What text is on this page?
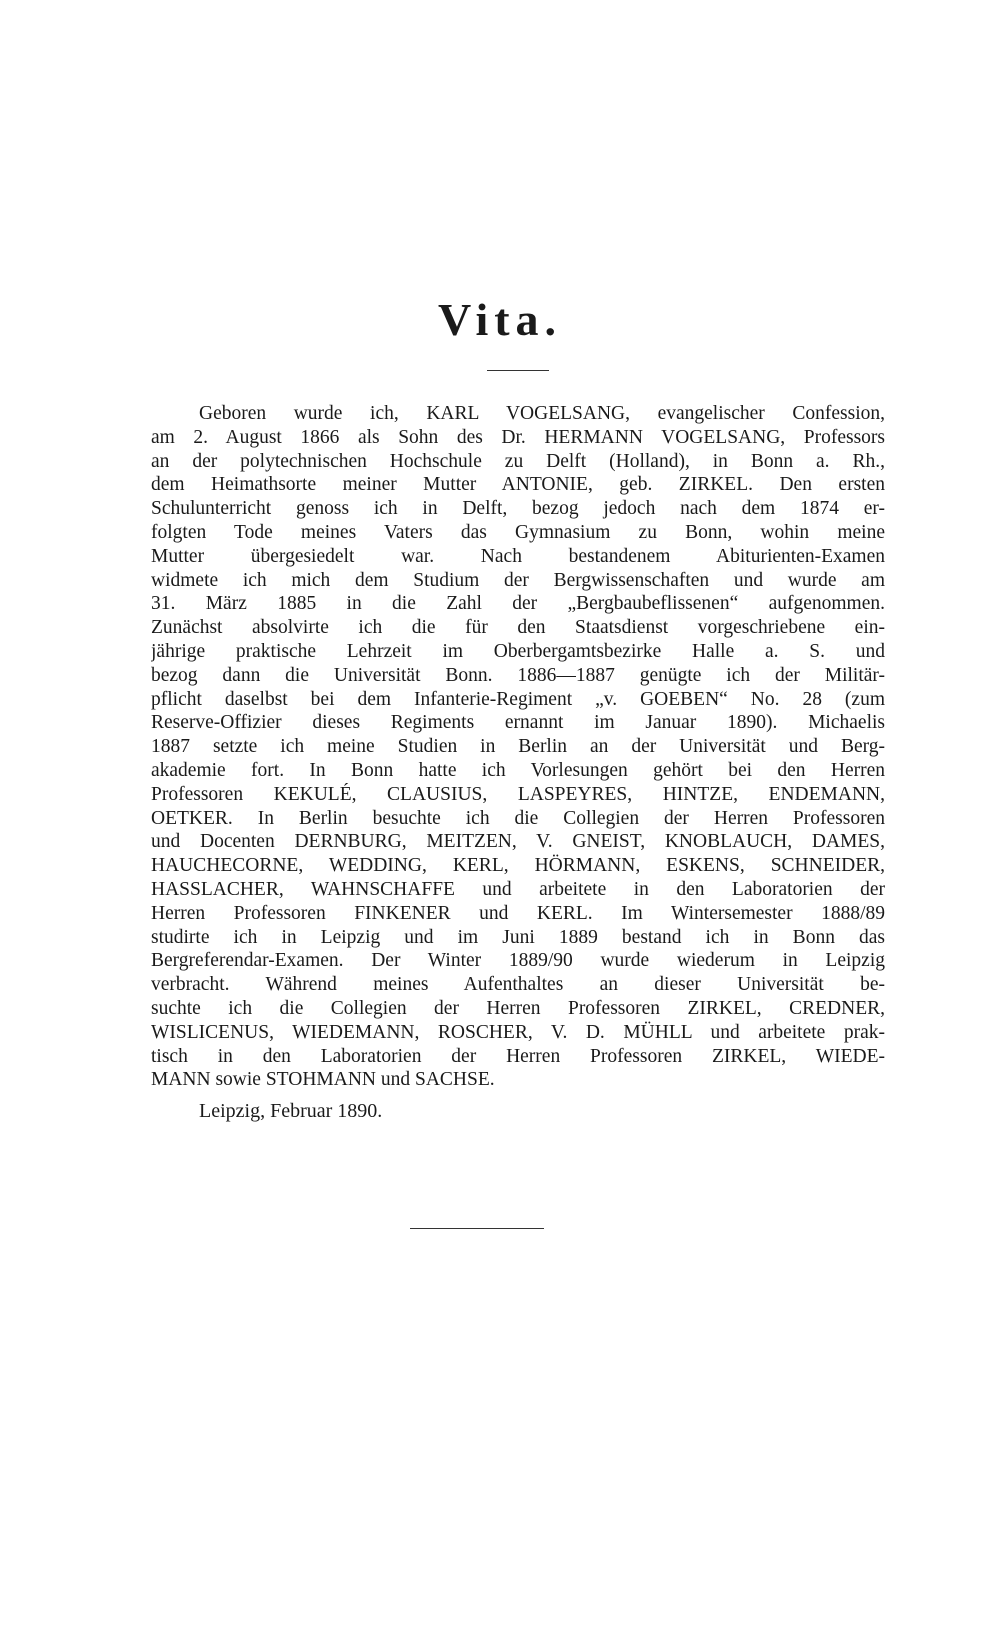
Vita.
Geboren wurde ich, KARL VOGELSANG, evangelischer Confession,
am 2. August 1866 als Sohn des Dr. HERMANN VOGELSANG, Professors
an der polytechnischen Hochschule zu Delft (Holland), in Bonn a. Rh.,
dem Heimathsorte meiner Mutter ANTONIE, geb. ZIRKEL. Den ersten
Schulunterricht genoss ich in Delft, bezog jedoch nach dem 1874 er-
folgten Tode meines Vaters das Gymnasium zu Bonn, wohin meine
Mutter übergesiedelt war. Nach bestandenem Abiturienten-Examen
widmete ich mich dem Studium der Bergwissenschaften und wurde am
31. März 1885 in die Zahl der „Bergbaubeflissenen“ aufgenommen.
Zunächst absolvirte ich die für den Staatsdienst vorgeschriebene ein-
jährige praktische Lehrzeit im Oberbergamtsbezirke Halle a. S. und
bezog dann die Universität Bonn. 1886—1887 genügte ich der Militär-
pflicht daselbst bei dem Infanterie-Regiment „v. GOEBEN“ No. 28 (zum
Reserve-Offizier dieses Regiments ernannt im Januar 1890). Michaelis
1887 setzte ich meine Studien in Berlin an der Universität und Berg-
akademie fort. In Bonn hatte ich Vorlesungen gehört bei den Herren
Professoren KEKULÉ, CLAUSIUS, LASPEYRES, HINTZE, ENDEMANN,
OETKER. In Berlin besuchte ich die Collegien der Herren Professoren
und Docenten DERNBURG, MEITZEN, V. GNEIST, KNOBLAUCH, DAMES,
HAUCHECORNE, WEDDING, KERL, HÖRMANN, ESKENS, SCHNEIDER,
HASSLACHER, WAHNSCHAFFE und arbeitete in den Laboratorien der
Herren Professoren FINKENER und KERL. Im Wintersemester 1888/89
studirte ich in Leipzig und im Juni 1889 bestand ich in Bonn das
Bergreferendar-Examen. Der Winter 1889/90 wurde wiederum in Leipzig
verbracht. Während meines Aufenthaltes an dieser Universität be-
suchte ich die Collegien der Herren Professoren ZIRKEL, CREDNER,
WISLICENUS, WIEDEMANN, ROSCHER, V. D. MÜHLL und arbeitete prak-
tisch in den Laboratorien der Herren Professoren ZIRKEL, WIEDE-
MANN sowie STOHMANN und SACHSE.
Leipzig, Februar 1890.
